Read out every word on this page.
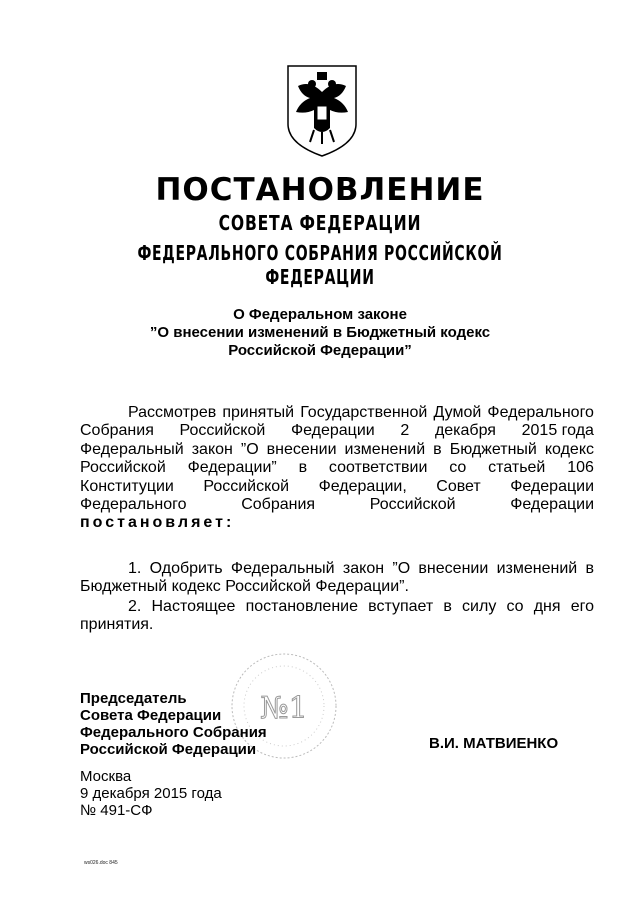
ПОСТАНОВЛЕНИЕ
СОВЕТА ФЕДЕРАЦИИ
ФЕДЕРАЛЬНОГО СОБРАНИЯ РОССИЙСКОЙ ФЕДЕРАЦИИ
О Федеральном законе
”О внесении изменений в Бюджетный кодекс
Российской Федерации”
Рассмотрев принятый Государственной Думой Федерального
Собрания Российской Федерации 2 декабря 2015 года
Федеральный закон ”О внесении изменений в Бюджетный кодекс
Российской Федерации” в соответствии со статьей 106
Конституции Российской Федерации, Совет Федерации
Федерального	Собрания	Российской	Федерации
постановляет:
1. Одобрить Федеральный закон ”О внесении изменений в Бюджетный кодекс Российской Федерации”.
2. Настоящее постановление вступает в силу со дня его принятия.
№1
Председатель
Совета Федерации
Федерального Собрания
Российской Федерации	В.И. МАТВИЕНКО
Москва
9 декабря 2015 года
№ 491-СФ
ws026.doc 845
